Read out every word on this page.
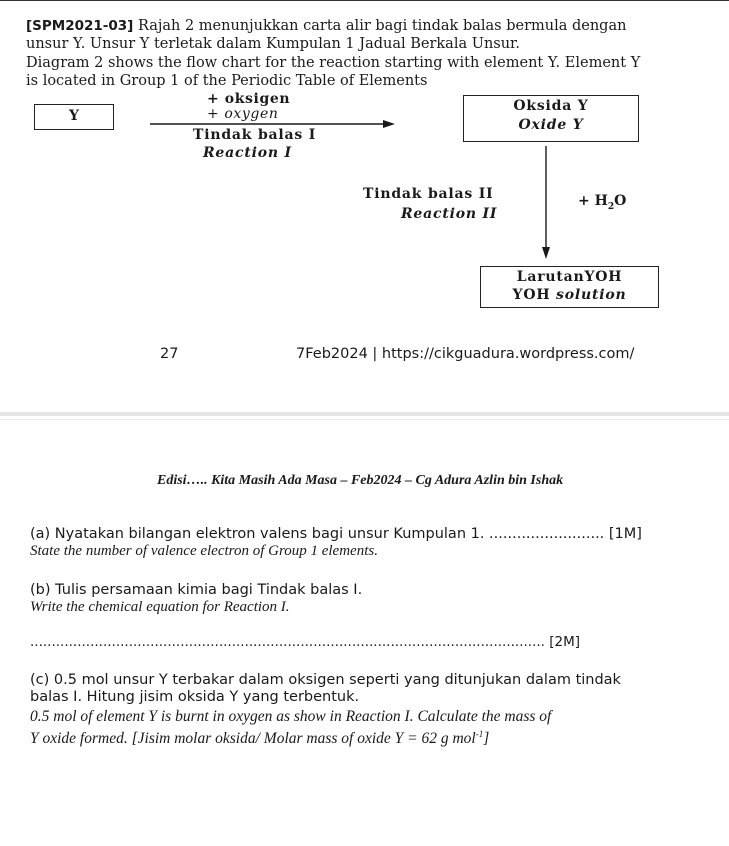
[SPM2021-03] Rajah 2 menunjukkan carta alir bagi tindak balas bermula dengan
unsur Y. Unsur Y terletak dalam Kumpulan 1 Jadual Berkala Unsur.
Diagram 2 shows the flow chart for the reaction starting with element Y. Element Y
is located in Group 1 of the Periodic Table of Elements
Y
+ oksigen
+ oxygen
Tindak balas I
Reaction I
Oksida Y
Oxide Y
Tindak balas II
Reaction II
+ $H_2O$
LarutanYOH
YOH solution
27	7Feb2024 | https://cikguadura.wordpress.com/
Edisi….. Kita Masih Ada Masa – Feb2024 – Cg Adura Azlin bin Ishak
(a) Nyatakan bilangan elektron valens bagi unsur Kumpulan 1. ......................... [1M]
State the number of valence electron of Group 1 elements.
(b) Tulis persamaan kimia bagi Tindak balas I.
Write the chemical equation for Reaction I.
........................................................................................................................ [2M]
(c) 0.5 mol unsur Y terbakar dalam oksigen seperti yang ditunjukan dalam tindak
balas I. Hitung jisim oksida Y yang terbentuk.
0.5 mol of element Y is burnt in oxygen as show in Reaction I. Calculate the mass of
Y oxide formed. [Jisim molar oksida/ Molar mass of oxide Y = 62 g mol$^{-1}$]
